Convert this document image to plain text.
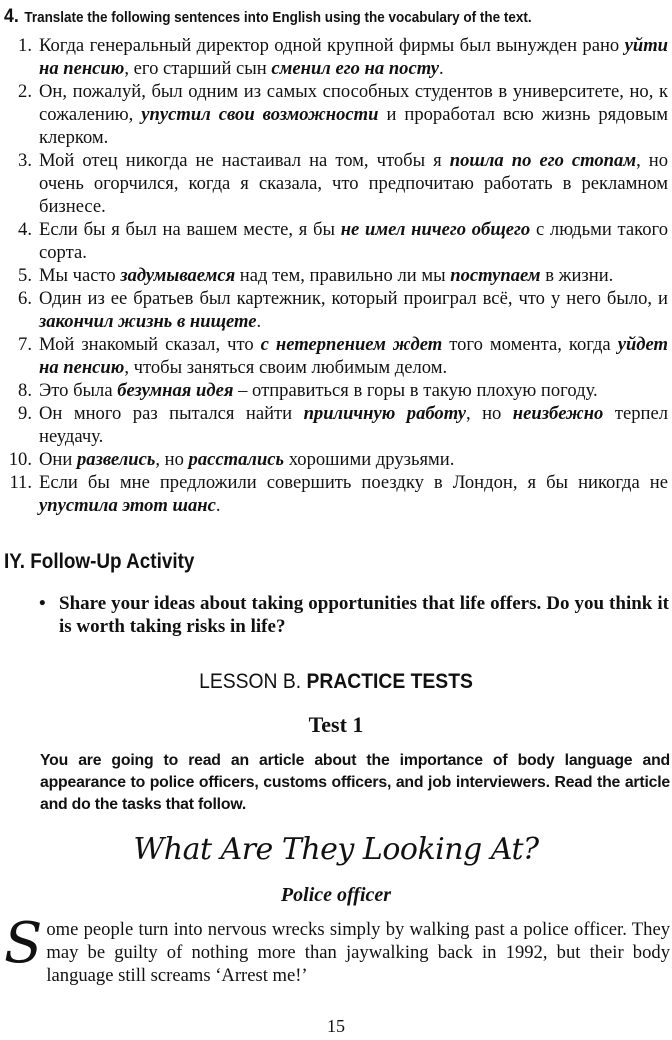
4. Translate the following sentences into English using the vocabulary of the text.
1. Когда генеральный директор одной крупной фирмы был вынужден рано уйти на пенсию, его старший сын сменил его на посту.
2. Он, пожалуй, был одним из самых способных студентов в университете, но, к сожалению, упустил свои возможности и проработал всю жизнь рядовым клерком.
3. Мой отец никогда не настаивал на том, чтобы я пошла по его стопам, но очень огорчился, когда я сказала, что предпочитаю работать в рекламном бизнесе.
4. Если бы я был на вашем месте, я бы не имел ничего общего с людьми такого сорта.
5. Мы часто задумываемся над тем, правильно ли мы поступаем в жизни.
6. Один из ее братьев был картежник, который проиграл всё, что у него было, и закончил жизнь в нищете.
7. Мой знакомый сказал, что с нетерпением ждет того момента, когда уйдет на пенсию, чтобы заняться своим любимым делом.
8. Это была безумная идея – отправиться в горы в такую плохую погоду.
9. Он много раз пытался найти приличную работу, но неизбежно терпел неудачу.
10. Они развелись, но расстались хорошими друзьями.
11. Если бы мне предложили совершить поездку в Лондон, я бы никогда не упустила этот шанс.
IY. Follow-Up Activity
• Share your ideas about taking opportunities that life offers. Do you think it is worth taking risks in life?
LESSON B. PRACTICE TESTS
Test 1
You are going to read an article about the importance of body language and appearance to police officers, customs officers, and job interviewers. Read the article and do the tasks that follow.
What Are They Looking At?
Police officer
Some people turn into nervous wrecks simply by walking past a police officer. They may be guilty of nothing more than jaywalking back in 1992, but their body language still screams ‘Arrest me!’
15
